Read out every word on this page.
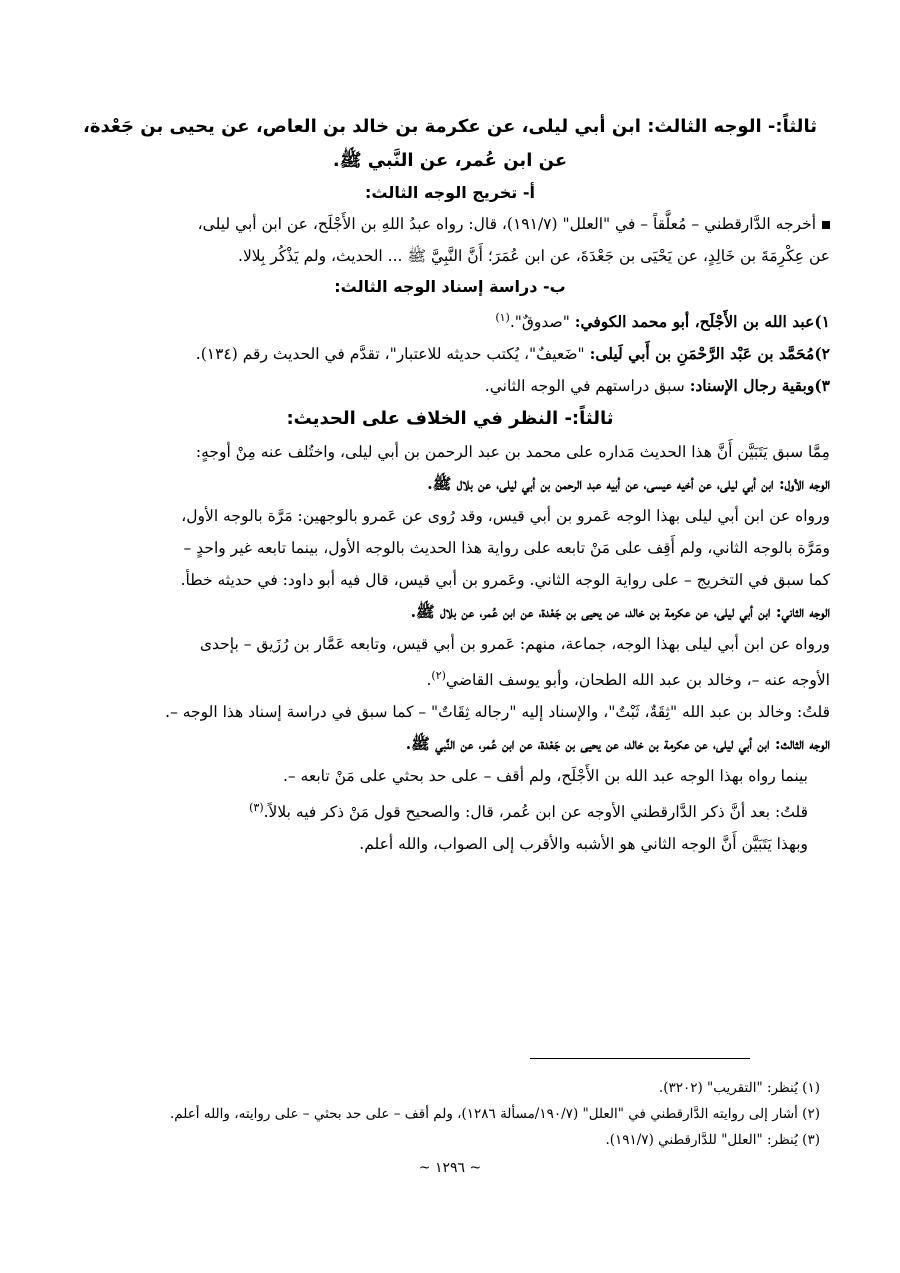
ثالثاً:- الوجه الثالث: ابن أبي ليلى، عن عكرمة بن خالد بن العاص، عن يحيى بن جَعْدة،

عن ابن عُمر، عن النَّبي ﷺ.

أ- تخريج الوجه الثالث:

أخرجه الدَّارقطني – مُعلَّقاً – في "العلل" (١٩١/٧)، قال: رواه عبدُ اللهِ بن الأَجْلَح، عن ابن أبي ليلى،

عن عِكْرِمَةَ بن خَالِدٍ، عن يَحْيَى بن جَعْدَةَ، عن ابن عُمَرَ؛ أَنَّ النَّبِيَّ ﷺ ... الحديث، ولم يَذْكُر بِلالا.

ب- دراسة إسناد الوجه الثالث:

١)عبد الله بن الأَجْلَح، أبو محمد الكوفي: "صدوقٌ".$^{(١)}$

٢)مُحَمَّد بن عَبْد الرَّحْمَنِ بن أَبي لَيلى: "ضَعيفٌ"، يُكتب حديثه للاعتبار"، تقدَّم في الحديث رقم (١٣٤).

٣)وبقية رجال الإسناد: سبق دراستهم في الوجه الثاني.

ثالثاً:- النظر في الخلاف على الحديث:

مِمَّا سبق يَتَبَيَّن أَنَّ هذا الحديث مَداره على محمد بن عبد الرحمن بن أبي ليلى، واختُلف عنه مِنْ أوجهٍ:

الوجه الأول: ابن أبي ليلى، عن أخيه عيسى، عن أبيه عبد الرحمن بن أبي ليلى، عن بلال ﷺ.

ورواه عن ابن أبي ليلى بهذا الوجه عَمرو بن أبي قيس، وقد رُوى عن عَمرو بالوجهين: مَرَّة بالوجه الأول،

ومَرَّة بالوجه الثاني، ولم أَقِف على مَنْ تابعه على رواية هذا الحديث بالوجه الأول، بينما تابعه غير واحدٍ –

كما سبق في التخريج – على رواية الوجه الثاني. وعَمرو بن أبي قيس، قال فيه أبو داود: في حديثه خطأ.

الوجه الثاني: ابن أبي ليلى، عن عكرمة بن خالد، عن يحيى بن جَعْدة، عن ابن عُمر، عن بلال ﷺ.

ورواه عن ابن أبي ليلى بهذا الوجه، جماعة، منهم: عَمرو بن أبي قيس، وتابعه عَمَّار بن رُزَيق – بإحدى

الأوجه عنه –، وخالد بن عبد الله الطحان، وأبو يوسف القاضي$^{(٢)}$.

قلتُ: وخالد بن عبد الله "ثِقَةٌ، ثَبْتٌ"، والإسناد إليه "رجاله ثِقَاتٌ" – كما سبق في دراسة إسناد هذا الوجه –.

الوجه الثالث: ابن أبي ليلى، عن عكرمة بن خالد، عن يحيى بن جَعْدة، عن ابن عُمر، عن النَّبي ﷺ.

بينما رواه بهذا الوجه عبد الله بن الأَجْلَح، ولم أقف – على حد بحثي على مَنْ تابعه –.

قلتُ: بعد أنَّ ذكر الدَّارقطني الأوجه عن ابن عُمر، قال: والصحيح قول مَنْ ذكر فيه بلالاً.$^{(٣)}$

وبهذا يَتَبَيَّن أَنَّ الوجه الثاني هو الأشبه والأقرب إلى الصواب، والله أعلم.

(١) يُنظر: "التقريب" (٣٢٠٢).
(٢) أشار إلى روايته الدَّارقطني في "العلل" (١٩٠/٧/مسألة ١٢٨٦)، ولم أقف – على حد بحثي – على روايته، والله أعلم.
(٣) يُنظر: "العلل" للدَّارقطني (١٩١/٧).
~ ١٢٩٦ ~
